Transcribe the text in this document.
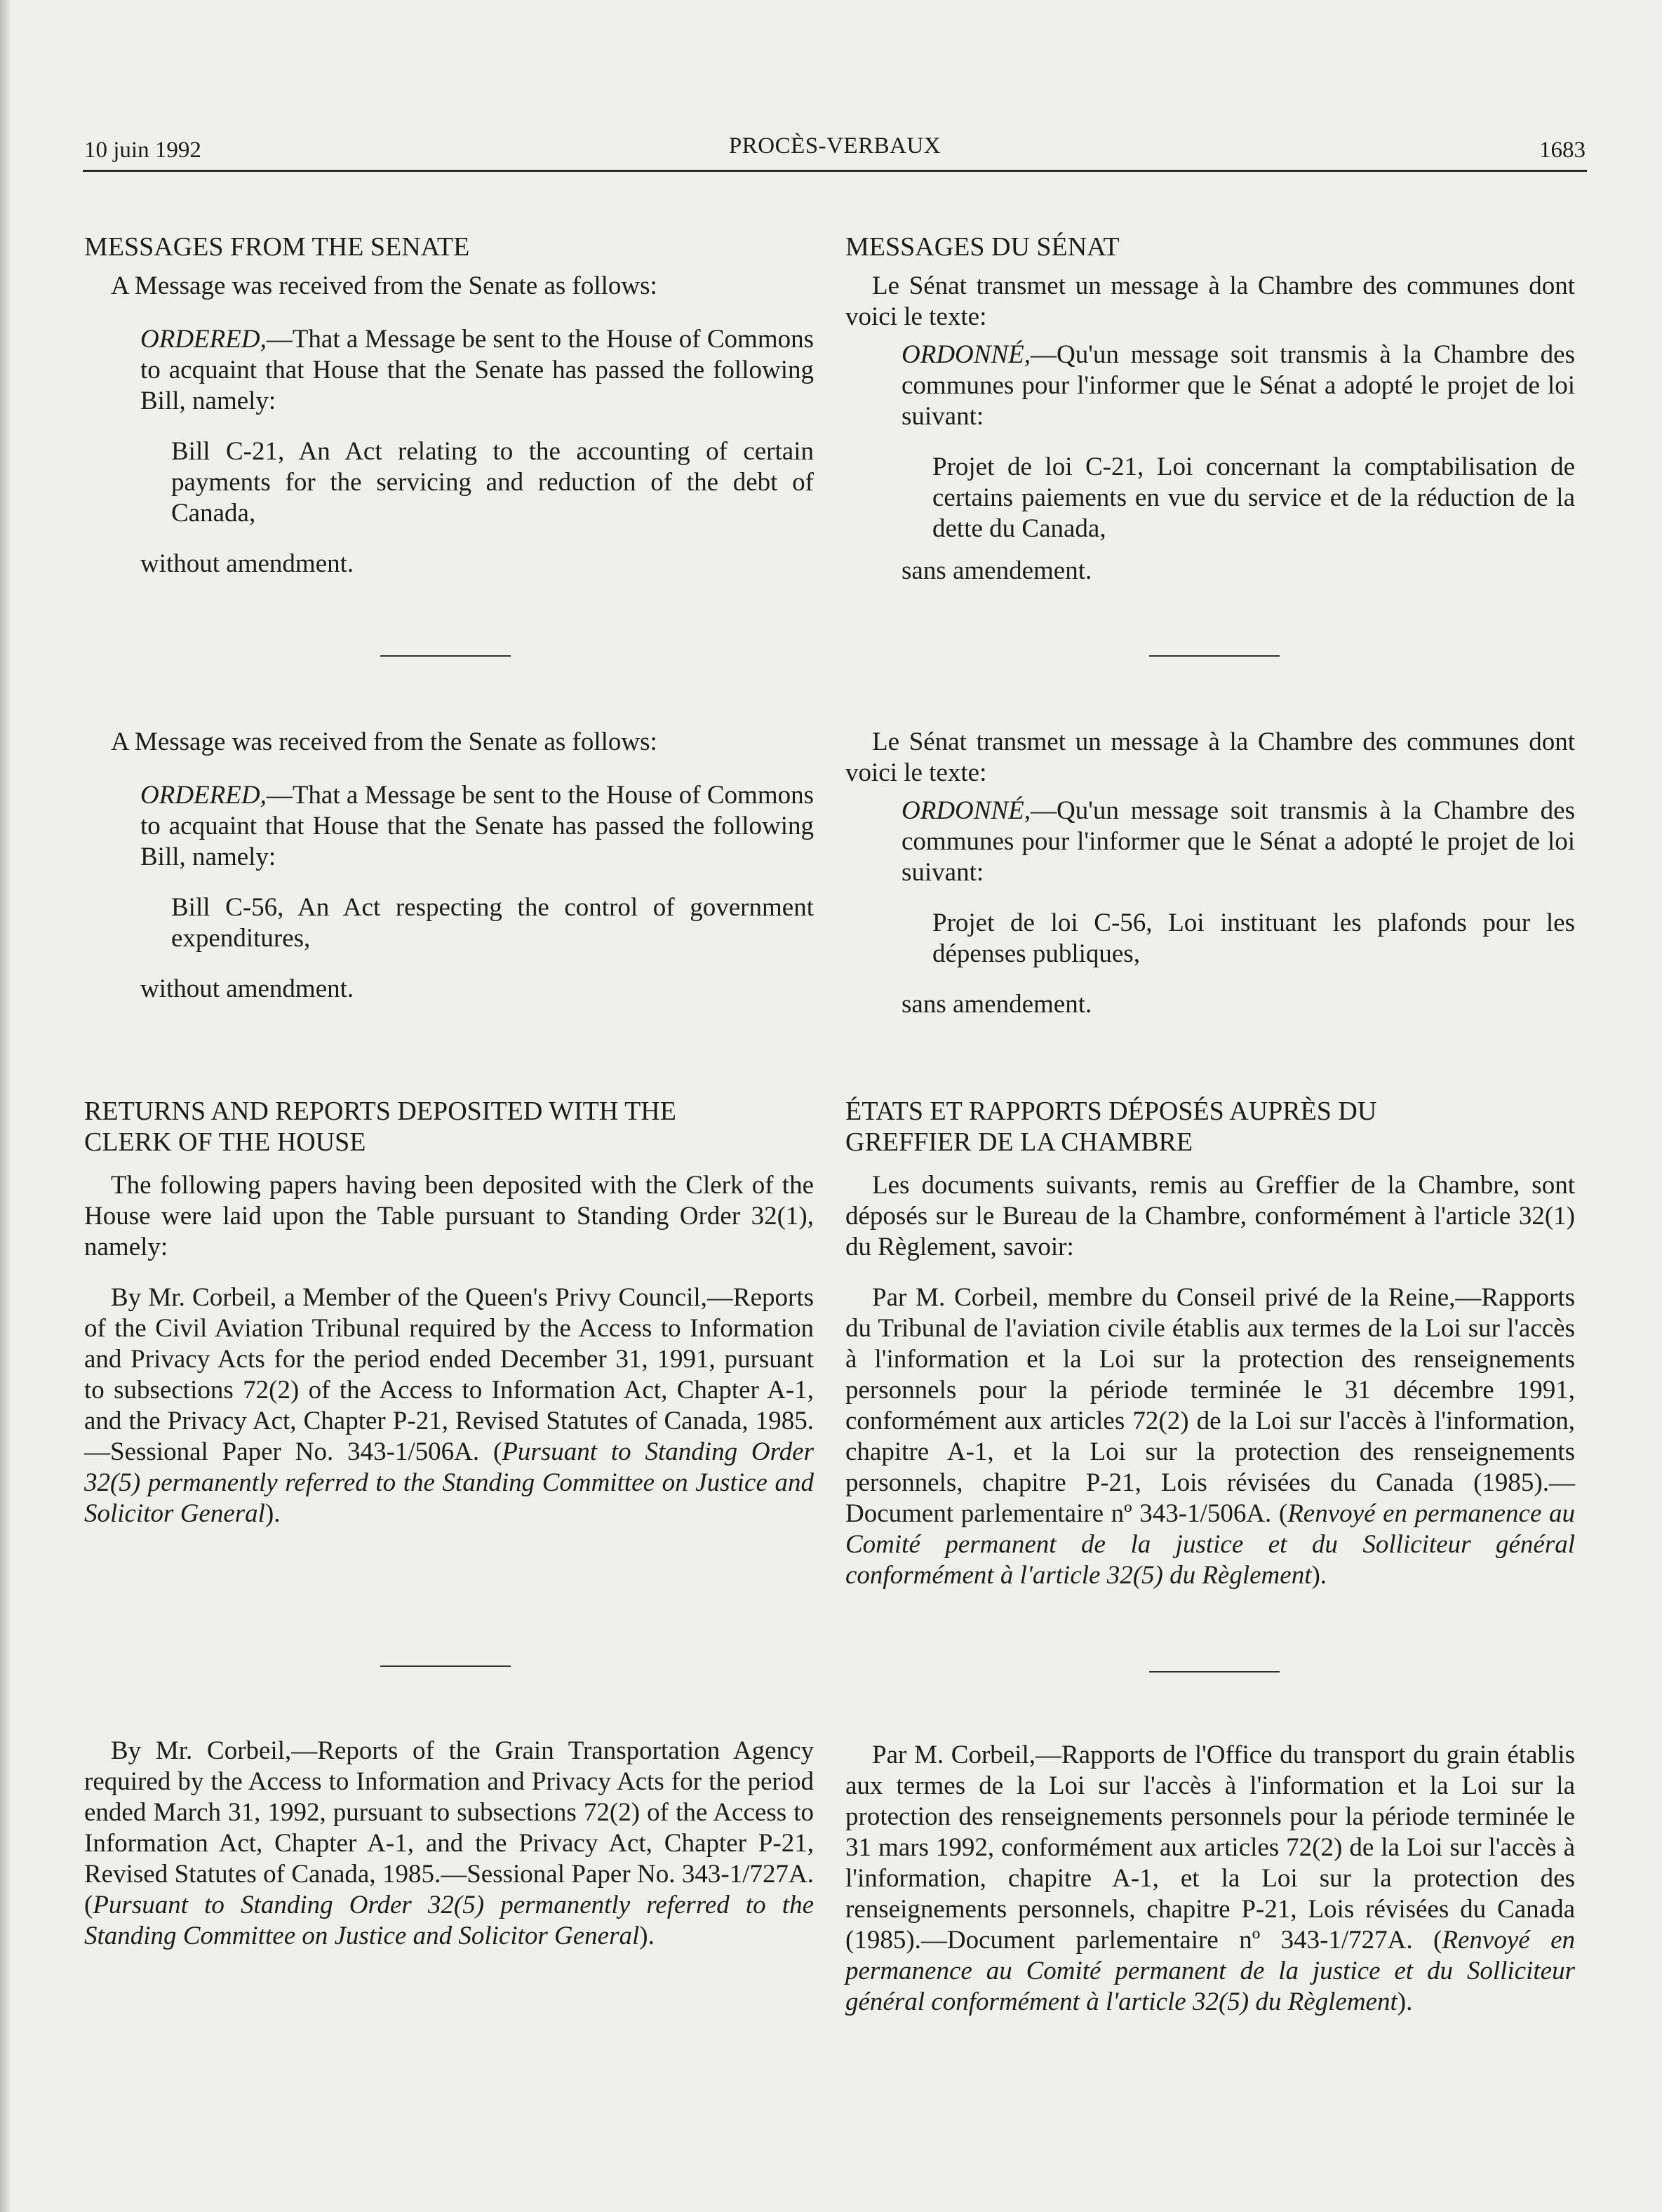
10 juin 1992	PROCÈS-VERBAUX	1683
MESSAGES FROM THE SENATE

A Message was received from the Senate as follows:

ORDERED,—That a Message be sent to the House of Commons to acquaint that House that the Senate has passed the following Bill, namely:

Bill C-21, An Act relating to the accounting of certain payments for the servicing and reduction of the debt of Canada,

without amendment.

A Message was received from the Senate as follows:

ORDERED,—That a Message be sent to the House of Commons to acquaint that House that the Senate has passed the following Bill, namely:

Bill C-56, An Act respecting the control of government expenditures,

without amendment.

RETURNS AND REPORTS DEPOSITED WITH THE
CLERK OF THE HOUSE

The following papers having been deposited with the Clerk of the House were laid upon the Table pursuant to Standing Order 32(1), namely:

By Mr. Corbeil, a Member of the Queen's Privy Council,—Reports of the Civil Aviation Tribunal required by the Access to Information and Privacy Acts for the period ended December 31, 1991, pursuant to subsections 72(2) of the Access to Information Act, Chapter A-1, and the Privacy Act, Chapter P-21, Revised Statutes of Canada, 1985.—Sessional Paper No. 343-1/506A. (Pursuant to Standing Order 32(5) permanently referred to the Standing Committee on Justice and Solicitor General).

By Mr. Corbeil,—Reports of the Grain Transportation Agency required by the Access to Information and Privacy Acts for the period ended March 31, 1992, pursuant to subsections 72(2) of the Access to Information Act, Chapter A-1, and the Privacy Act, Chapter P-21, Revised Statutes of Canada, 1985.—Sessional Paper No. 343-1/727A. (Pursuant to Standing Order 32(5) permanently referred to the Standing Committee on Justice and Solicitor General).

MESSAGES DU SÉNAT

Le Sénat transmet un message à la Chambre des communes dont voici le texte:

ORDONNÉ,—Qu'un message soit transmis à la Chambre des communes pour l'informer que le Sénat a adopté le projet de loi suivant:

Projet de loi C-21, Loi concernant la comptabilisation de certains paiements en vue du service et de la réduction de la dette du Canada,

sans amendement.

Le Sénat transmet un message à la Chambre des communes dont voici le texte:

ORDONNÉ,—Qu'un message soit transmis à la Chambre des communes pour l'informer que le Sénat a adopté le projet de loi suivant:

Projet de loi C-56, Loi instituant les plafonds pour les dépenses publiques,

sans amendement.

ÉTATS ET RAPPORTS DÉPOSÉS AUPRÈS DU
GREFFIER DE LA CHAMBRE

Les documents suivants, remis au Greffier de la Chambre, sont déposés sur le Bureau de la Chambre, conformément à l'article 32(1) du Règlement, savoir:

Par M. Corbeil, membre du Conseil privé de la Reine,—Rapports du Tribunal de l'aviation civile établis aux termes de la Loi sur l'accès à l'information et la Loi sur la protection des renseignements personnels pour la période terminée le 31 décembre 1991, conformément aux articles 72(2) de la Loi sur l'accès à l'information, chapitre A-1, et la Loi sur la protection des renseignements personnels, chapitre P-21, Lois révisées du Canada (1985).—Document parlementaire nº 343-1/506A. (Renvoyé en permanence au Comité permanent de la justice et du Solliciteur général conformément à l'article 32(5) du Règlement).

Par M. Corbeil,—Rapports de l'Office du transport du grain établis aux termes de la Loi sur l'accès à l'information et la Loi sur la protection des renseignements personnels pour la période terminée le 31 mars 1992, conformément aux articles 72(2) de la Loi sur l'accès à l'information, chapitre A-1, et la Loi sur la protection des renseignements personnels, chapitre P-21, Lois révisées du Canada (1985).—Document parlementaire nº 343-1/727A. (Renvoyé en permanence au Comité permanent de la justice et du Solliciteur général conformément à l'article 32(5) du Règlement).
